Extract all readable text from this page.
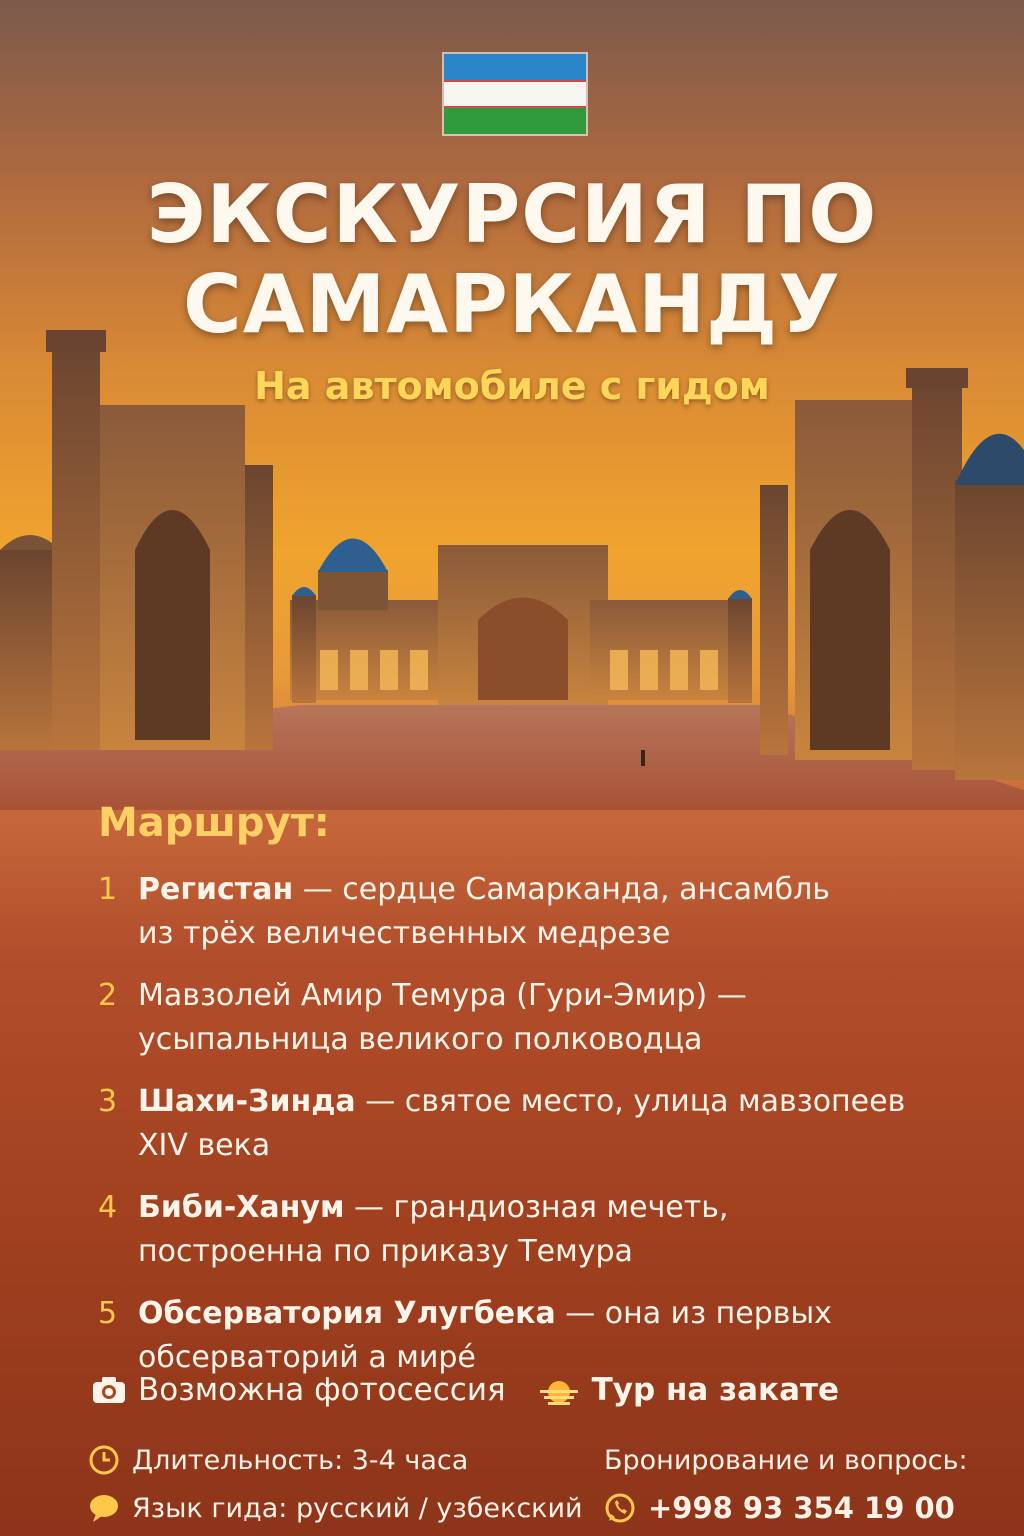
ЭКСКУРСИЯ ПО
САМАРКАНДУ
На автомобиле с гидом
Маршрут:
1 Регистан — сердце Самарканда, ансамбль
из трёх величественных медрезе
2 Мавзолей Амир Темура (Гури-Эмир) —
усыпальница великого полководца
3 Шахи-Зинда — святое место, улица мавзопеев
XIV века
4 Биби-Ханум — грандиозная мечеть,
построенна по приказу Темура
5 Обсерватория Улугбека — она из первых
обсерваторий а мирé
Возможна фотосессия	Тур на закате
Длительность: 3-4 часа
Язык гида: русский / узбекский
Бронирование и вопрось:
+998 93 354 19 00
